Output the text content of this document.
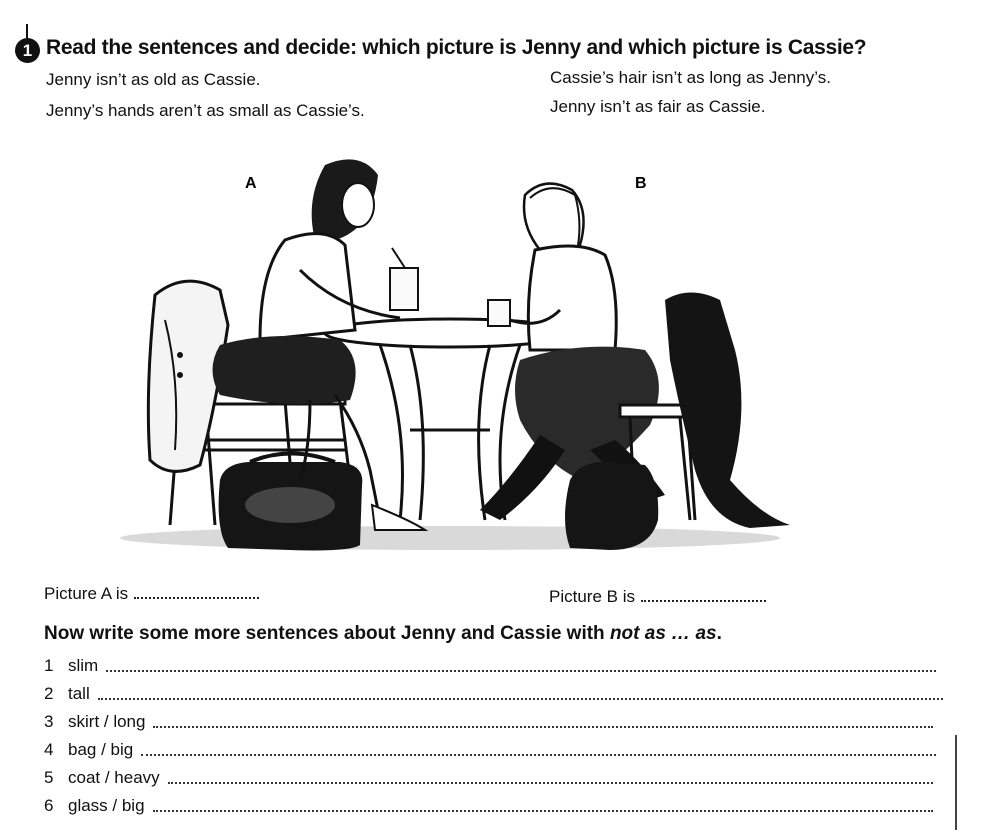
1 Read the sentences and decide: which picture is Jenny and which picture is Cassie?
Jenny isn’t as old as Cassie.	Cassie’s hair isn’t as long as Jenny’s.
Jenny’s hands aren’t as small as Cassie’s.	Jenny isn’t as fair as Cassie.
A	B
Picture A is	Picture B is
Now write some more sentences about Jenny and Cassie with not as … as.
1 slim
2 tall
3 skirt / long
4 bag / big
5 coat / heavy
6 glass / big
